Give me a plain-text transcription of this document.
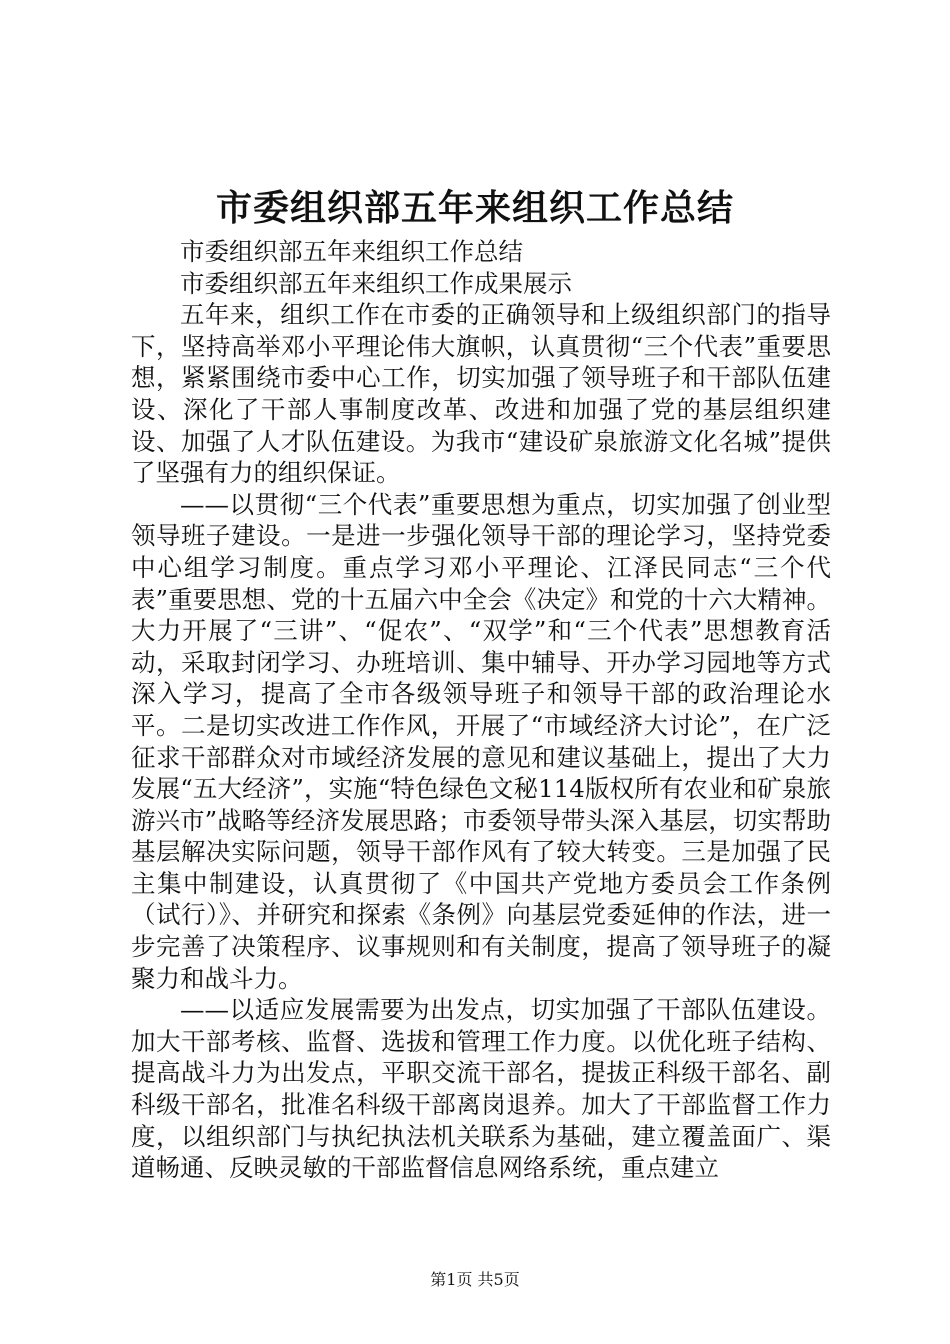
市委组织部五年来组织工作总结

市委组织部五年来组织工作总结

市委组织部五年来组织工作成果展示

五年来，组织工作在市委的正确领导和上级组织部门的指导下，坚持高举邓小平理论伟大旗帜，认真贯彻“三个代表”重要思想，紧紧围绕市委中心工作，切实加强了领导班子和干部队伍建设、深化了干部人事制度改革、改进和加强了党的基层组织建设、加强了人才队伍建设。为我市“建设矿泉旅游文化名城”提供了坚强有力的组织保证。

——以贯彻“三个代表”重要思想为重点，切实加强了创业型领导班子建设。一是进一步强化领导干部的理论学习，坚持党委中心组学习制度。重点学习邓小平理论、江泽民同志“三个代表”重要思想、党的十五届六中全会《决定》和党的十六大精神。大力开展了“三讲”、“促农”、“双学”和“三个代表”思想教育活动，采取封闭学习、办班培训、集中辅导、开办学习园地等方式深入学习，提高了全市各级领导班子和领导干部的政治理论水平。二是切实改进工作作风，开展了“市域经济大讨论”，在广泛征求干部群众对市域经济发展的意见和建议基础上，提出了大力发展“五大经济”，实施“特色绿色文秘114版权所有农业和矿泉旅游兴市”战略等经济发展思路；市委领导带头深入基层，切实帮助基层解决实际问题，领导干部作风有了较大转变。三是加强了民主集中制建设，认真贯彻了《中国共产党地方委员会工作条例（试行）》、并研究和探索《条例》向基层党委延伸的作法，进一步完善了决策程序、议事规则和有关制度，提高了领导班子的凝聚力和战斗力。

——以适应发展需要为出发点，切实加强了干部队伍建设。加大干部考核、监督、选拔和管理工作力度。以优化班子结构、提高战斗力为出发点，平职交流干部名，提拔正科级干部名、副科级干部名，批准名科级干部离岗退养。加大了干部监督工作力度，以组织部门与执纪执法机关联系为基础，建立覆盖面广、渠道畅通、反映灵敏的干部监督信息网络系统，重点建立

第1页 共5页
